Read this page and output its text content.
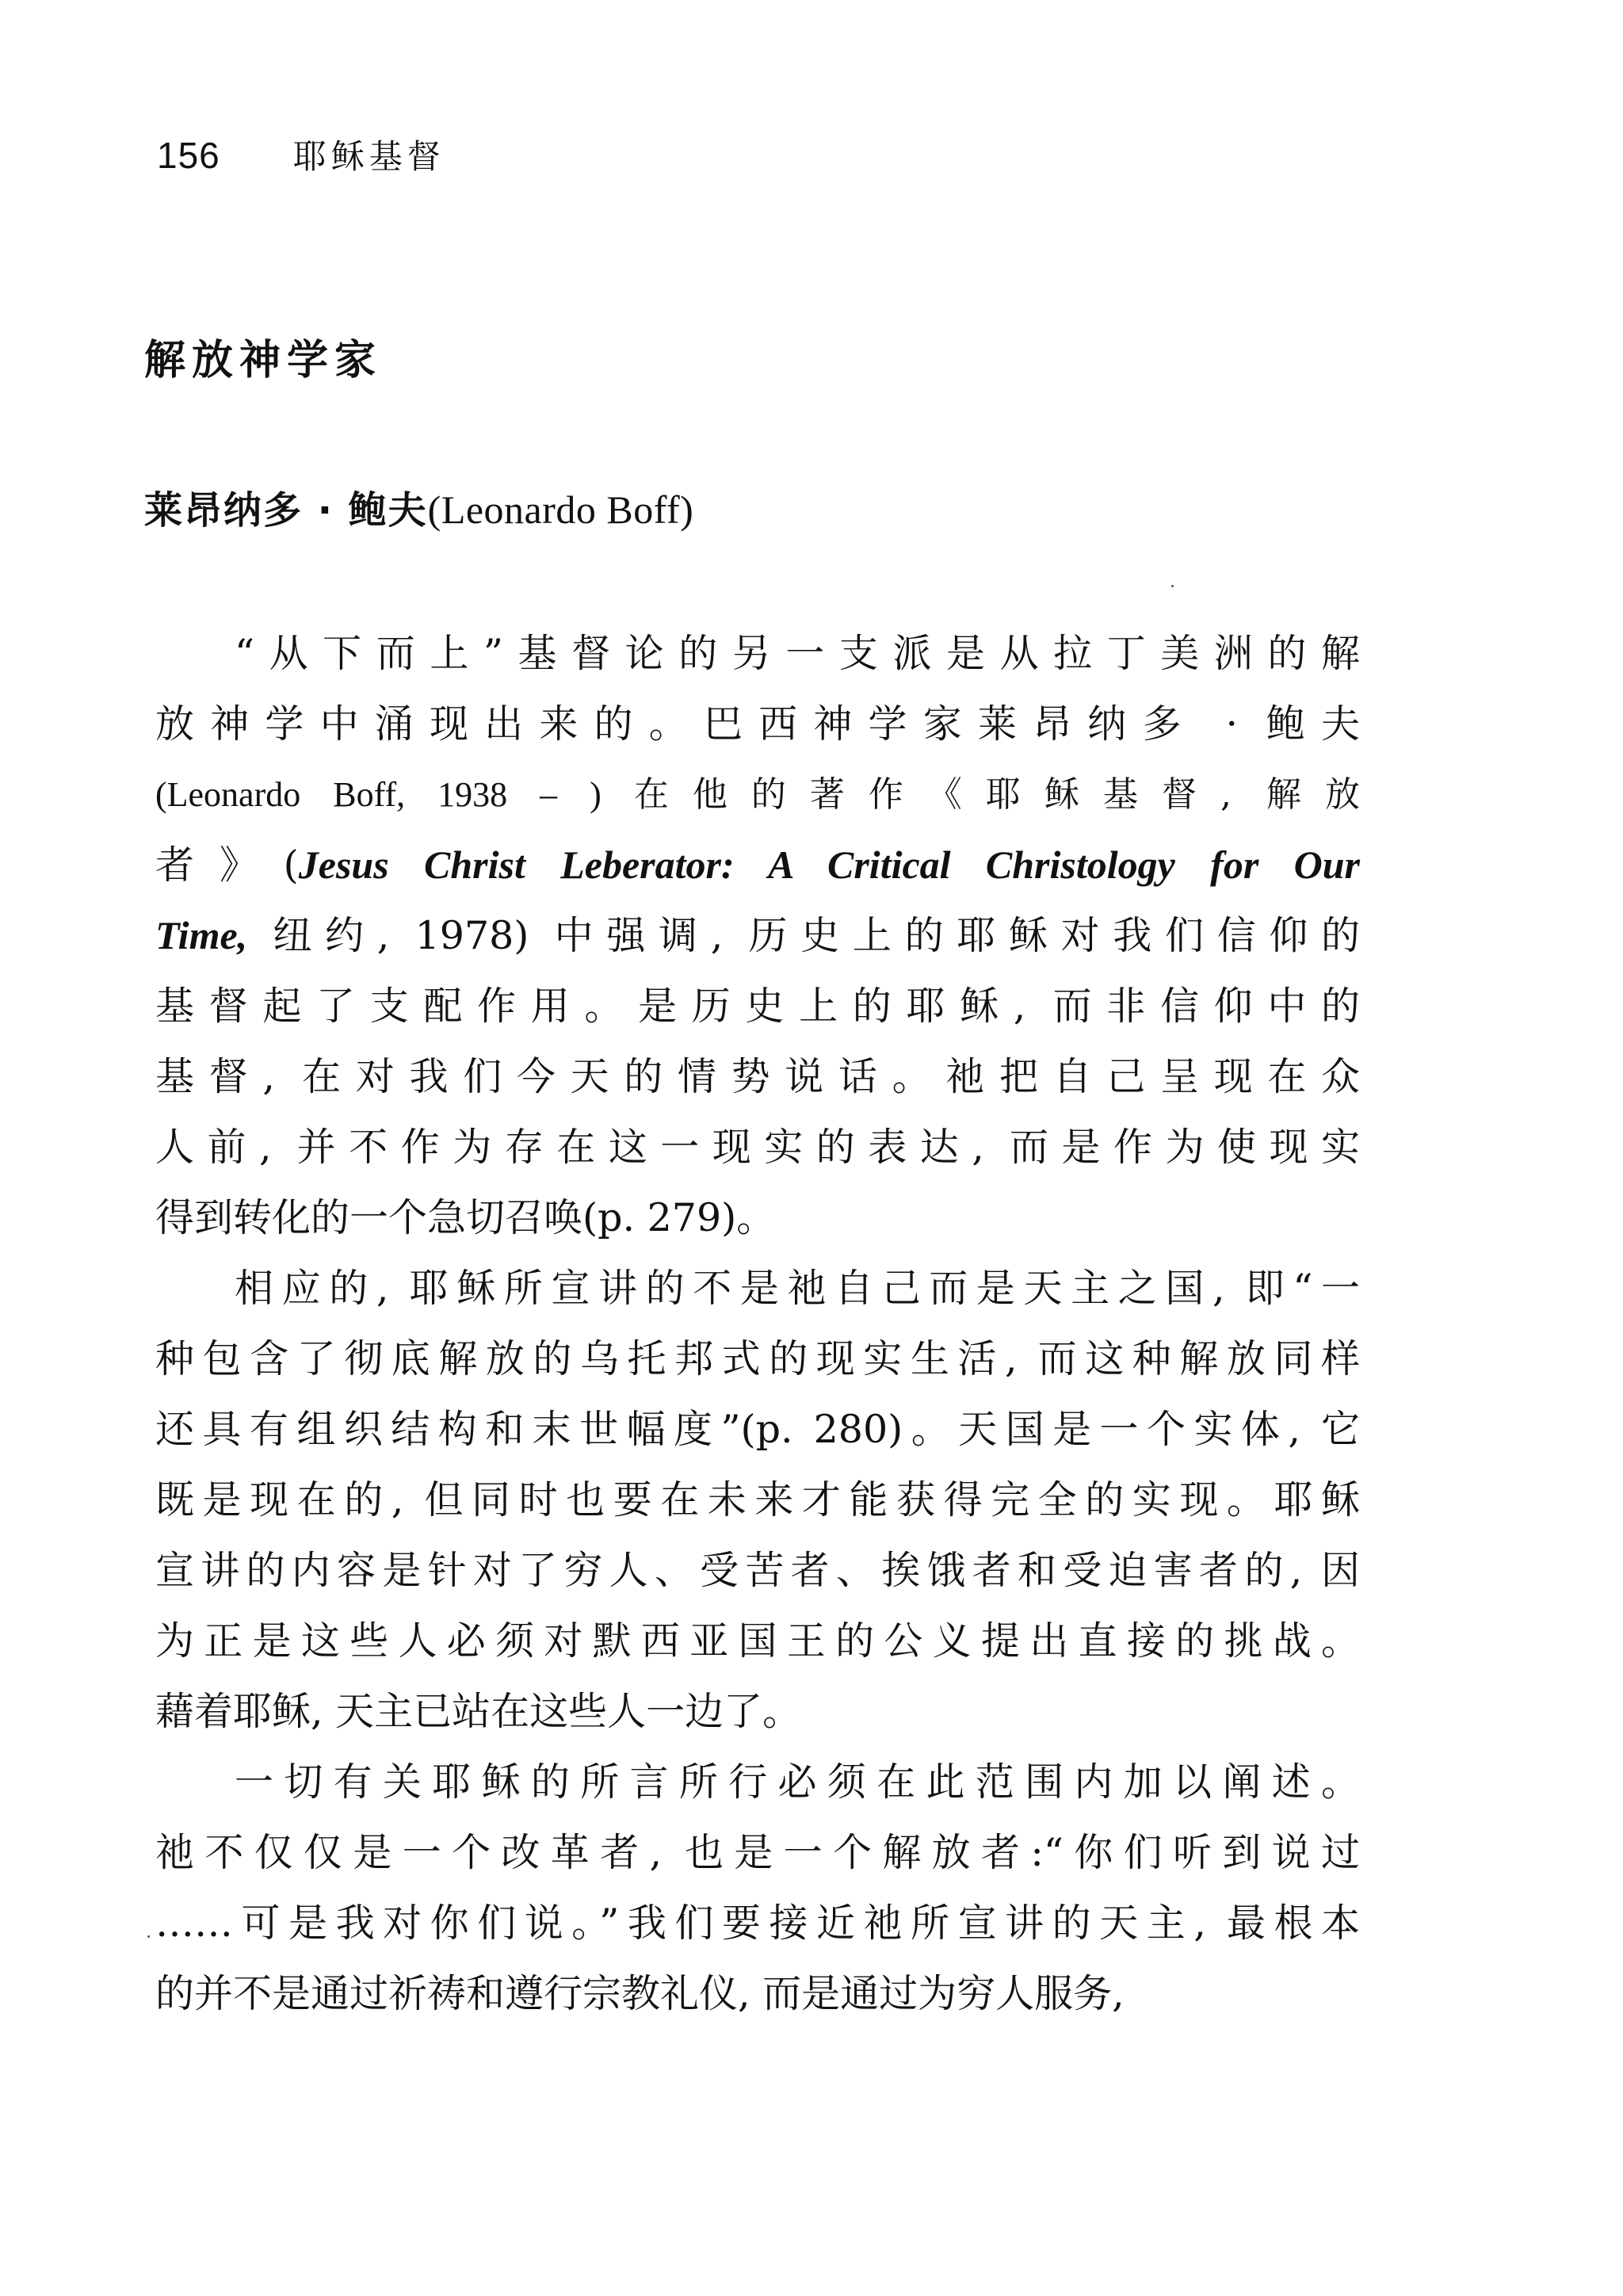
156 耶稣基督
解放神学家
莱昂纳多 · 鲍夫(Leonardo Boff)
“从下而上”基督论的另一支派是从拉丁美洲的解
放神学中涌现出来的。巴西神学家莱昂纳多 · 鲍夫
(Leonardo Boff, 1938 – ) 在他的著作《耶稣基督, 解放
者》(Jesus Christ Leberator: A Critical Christology for Our
Time, 纽约, 1978) 中强调, 历史上的耶稣对我们信仰的
基督起了支配作用。是历史上的耶稣, 而非信仰中的
基督, 在对我们今天的情势说话。祂把自己呈现在众
人前, 并不作为存在这一现实的表达, 而是作为使现实
得到转化的一个急切召唤(p. 279)。
相应的, 耶稣所宣讲的不是祂自己而是天主之国, 即“一
种包含了彻底解放的乌托邦式的现实生活, 而这种解放同样
还具有组织结构和末世幅度”(p. 280)。天国是一个实体, 它
既是现在的, 但同时也要在未来才能获得完全的实现。耶稣
宣讲的内容是针对了穷人、受苦者、挨饿者和受迫害者的, 因
为正是这些人必须对默西亚国王的公义提出直接的挑战。
藉着耶稣, 天主已站在这些人一边了。
一切有关耶稣的所言所行必须在此范围内加以阐述。
祂不仅仅是一个改革者, 也是一个解放者:“你们听到说过
……可是我对你们说。”我们要接近祂所宣讲的天主, 最根本
的并不是通过祈祷和遵行宗教礼仪, 而是通过为穷人服务,
